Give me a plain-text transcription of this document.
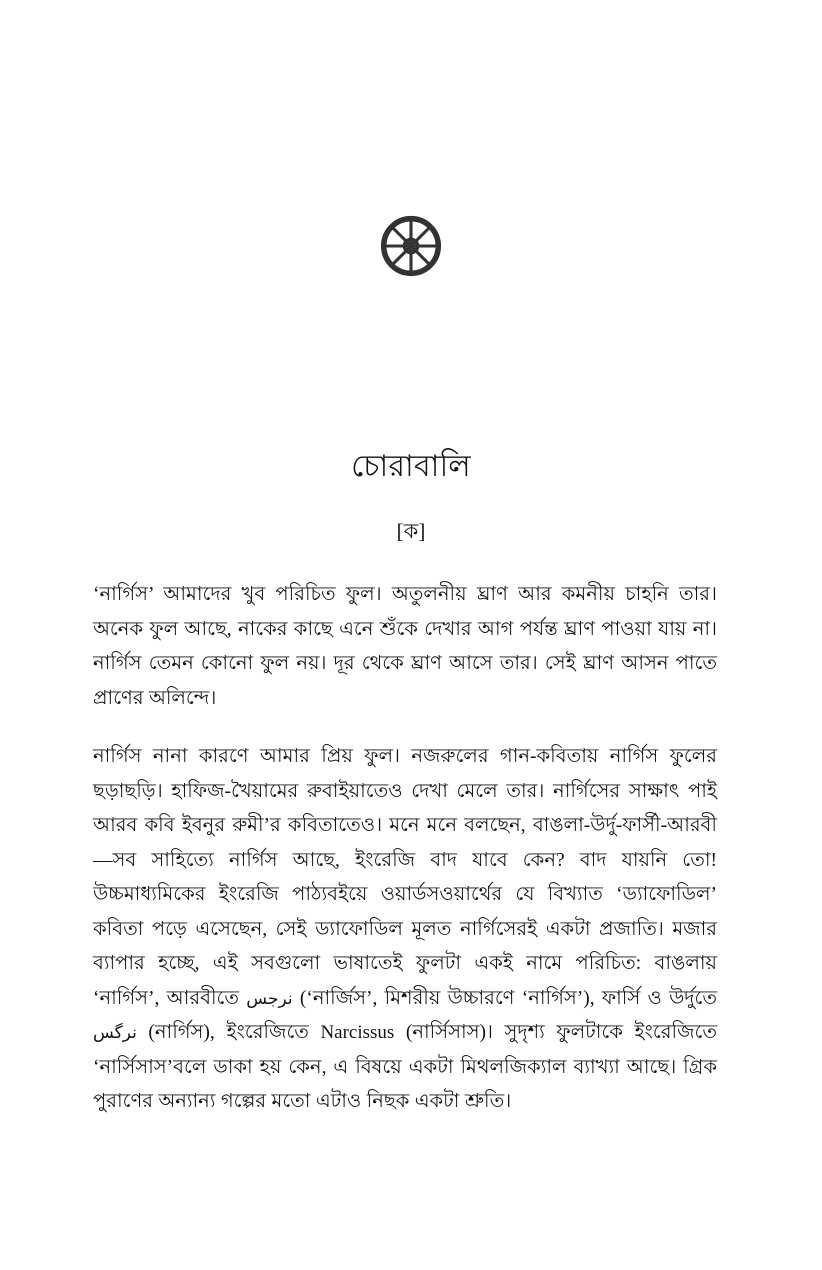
চোরাবালি
[ক]

‘নার্গিস’ আমাদের খুব পরিচিত ফুল। অতুলনীয় ঘ্রাণ আর কমনীয় চাহনি তার। অনেক ফুল আছে, নাকের কাছে এনে শুঁকে দেখার আগ পর্যন্ত ঘ্রাণ পাওয়া যায় না। নার্গিস তেমন কোনো ফুল নয়। দূর থেকে ঘ্রাণ আসে তার। সেই ঘ্রাণ আসন পাতে প্রাণের অলিন্দে।

নার্গিস নানা কারণে আমার প্রিয় ফুল। নজরুলের গান-কবিতায় নার্গিস ফুলের ছড়াছড়ি। হাফিজ-খৈয়ামের রুবাইয়াতেও দেখা মেলে তার। নার্গিসের সাক্ষাৎ পাই আরব কবি ইবনুর রুমী’র কবিতাতেও। মনে মনে বলছেন, বাঙলা-উর্দু-ফার্সী-আরবী—সব সাহিত্যে নার্গিস আছে, ইংরেজি বাদ যাবে কেন? বাদ যায়নি তো! উচ্চমাধ্যমিকের ইংরেজি পাঠ্যবইয়ে ওয়ার্ডসওয়ার্থের যে বিখ্যাত ‘ড্যাফোডিল’ কবিতা পড়ে এসেছেন, সেই ড্যাফোডিল মূলত নার্গিসেরই একটা প্রজাতি। মজার ব্যাপার হচ্ছে, এই সবগুলো ভাষাতেই ফুলটা একই নামে পরিচিত: বাঙলায় ‘নার্গিস’, আরবীতে نرجس (‘নার্জিস’, মিশরীয় উচ্চারণে ‘নার্গিস’), ফার্সি ও উর্দুতে نرگس (নার্গিস), ইংরেজিতে Narcissus (নার্সিসাস)। সুদৃশ্য ফুলটাকে ইংরেজিতে ‘নার্সিসাস’বলে ডাকা হয় কেন, এ বিষয়ে একটা মিথলজিক্যাল ব্যাখ্যা আছে। গ্রিক পুরাণের অন্যান্য গল্পের মতো এটাও নিছক একটা শ্রুতি।
